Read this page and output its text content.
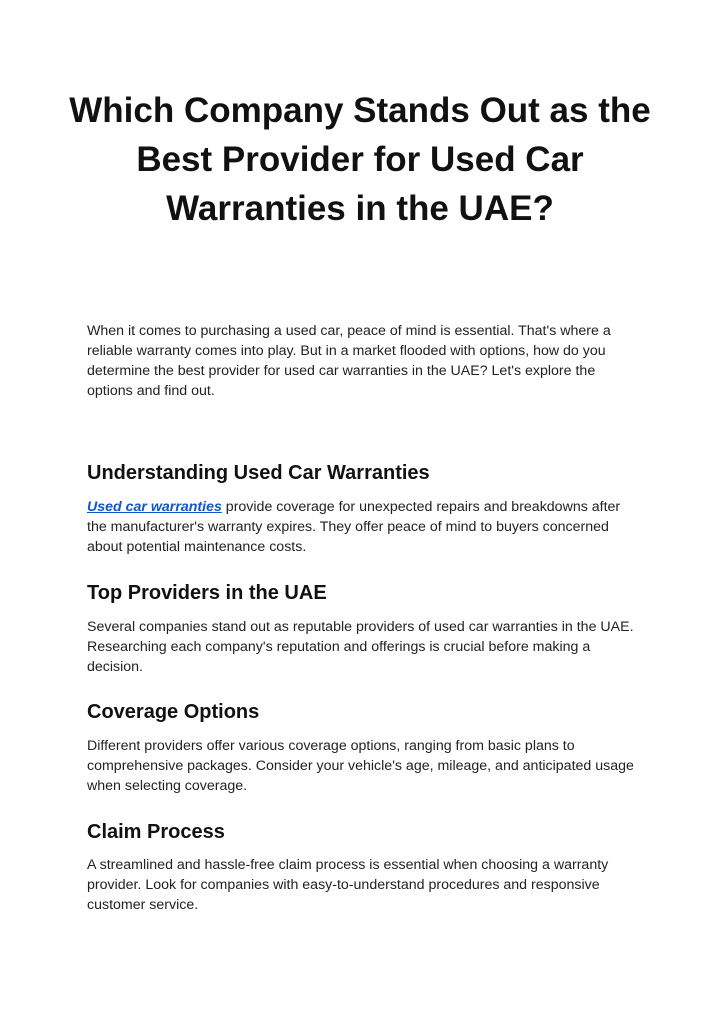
Which Company Stands Out as the Best Provider for Used Car Warranties in the UAE?

When it comes to purchasing a used car, peace of mind is essential. That's where a reliable warranty comes into play. But in a market flooded with options, how do you determine the best provider for used car warranties in the UAE? Let's explore the options and find out.

Understanding Used Car Warranties

Used car warranties provide coverage for unexpected repairs and breakdowns after the manufacturer's warranty expires. They offer peace of mind to buyers concerned about potential maintenance costs.

Top Providers in the UAE

Several companies stand out as reputable providers of used car warranties in the UAE. Researching each company's reputation and offerings is crucial before making a decision.

Coverage Options

Different providers offer various coverage options, ranging from basic plans to comprehensive packages. Consider your vehicle's age, mileage, and anticipated usage when selecting coverage.

Claim Process

A streamlined and hassle-free claim process is essential when choosing a warranty provider. Look for companies with easy-to-understand procedures and responsive customer service.
